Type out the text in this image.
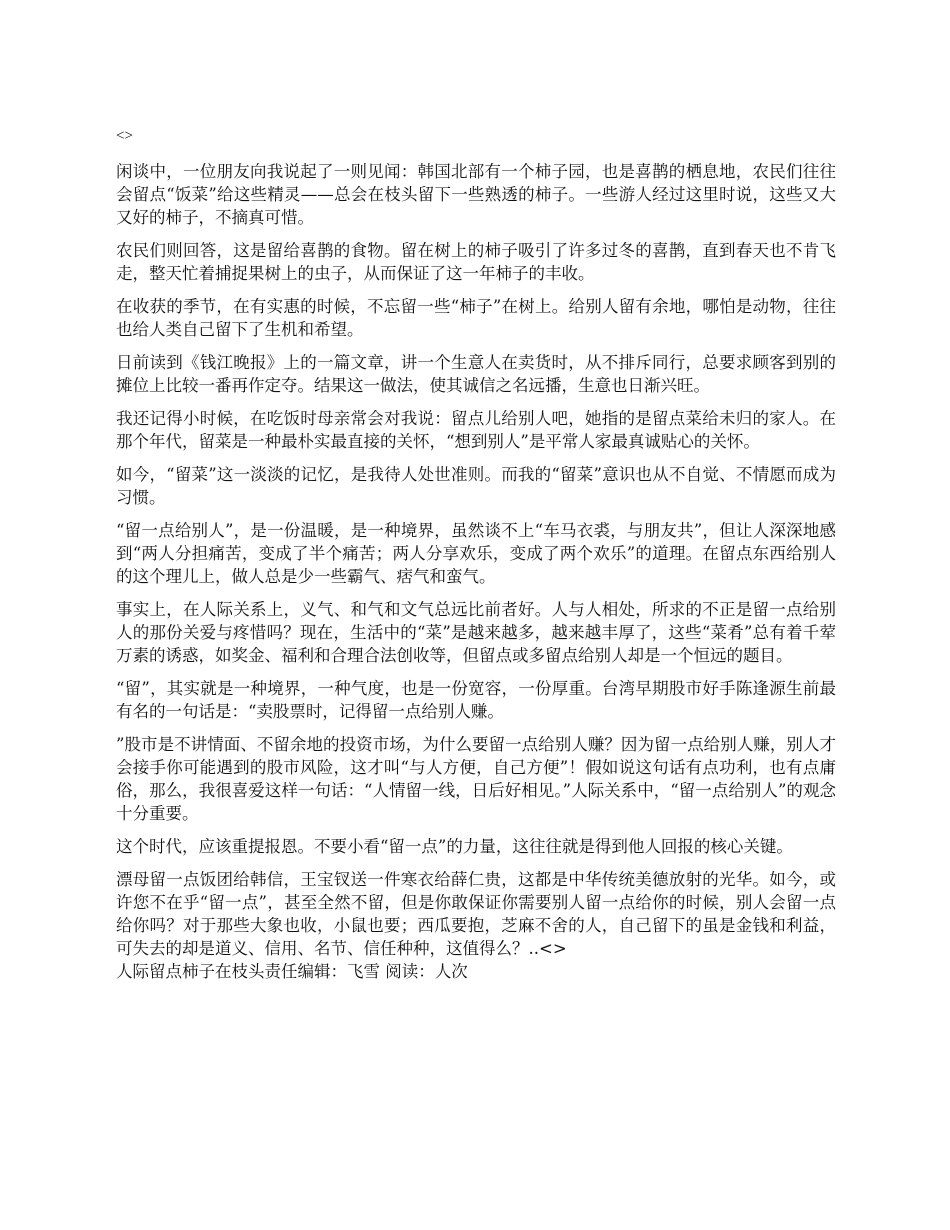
<>

闲谈中，一位朋友向我说起了一则见闻：韩国北部有一个柿子园，也是喜鹊的栖息地，农民们往往会留点“饭菜”给这些精灵——总会在枝头留下一些熟透的柿子。一些游人经过这里时说，这些又大又好的柿子，不摘真可惜。

农民们则回答，这是留给喜鹊的食物。留在树上的柿子吸引了许多过冬的喜鹊，直到春天也不肯飞走，整天忙着捕捉果树上的虫子，从而保证了这一年柿子的丰收。

在收获的季节，在有实惠的时候，不忘留一些“柿子”在树上。给别人留有余地，哪怕是动物，往往也给人类自己留下了生机和希望。

日前读到《钱江晚报》上的一篇文章，讲一个生意人在卖货时，从不排斥同行，总要求顾客到别的摊位上比较一番再作定夺。结果这一做法，使其诚信之名远播，生意也日渐兴旺。

我还记得小时候，在吃饭时母亲常会对我说：留点儿给别人吧，她指的是留点菜给未归的家人。在那个年代，留菜是一种最朴实最直接的关怀，“想到别人”是平常人家最真诚贴心的关怀。

如今，“留菜”这一淡淡的记忆，是我待人处世准则。而我的“留菜”意识也从不自觉、不情愿而成为习惯。

“留一点给别人”，是一份温暖，是一种境界，虽然谈不上“车马衣裘，与朋友共”，但让人深深地感到“两人分担痛苦，变成了半个痛苦；两人分享欢乐，变成了两个欢乐”的道理。在留点东西给别人的这个理儿上，做人总是少一些霸气、痞气和蛮气。

事实上，在人际关系上，义气、和气和文气总远比前者好。人与人相处，所求的不正是留一点给别人的那份关爱与疼惜吗？现在，生活中的“菜”是越来越多，越来越丰厚了，这些“菜肴”总有着千荤万素的诱惑，如奖金、福利和合理合法创收等，但留点或多留点给别人却是一个恒远的题目。

“留”，其实就是一种境界，一种气度，也是一份宽容，一份厚重。台湾早期股市好手陈逢源生前最有名的一句话是：“卖股票时，记得留一点给别人赚。

”股市是不讲情面、不留余地的投资市场，为什么要留一点给别人赚？因为留一点给别人赚，别人才会接手你可能遇到的股市风险，这才叫“与人方便，自己方便”！假如说这句话有点功利，也有点庸俗，那么，我很喜爱这样一句话：“人情留一线，日后好相见。”人际关系中，“留一点给别人”的观念十分重要。

这个时代，应该重提报恩。不要小看“留一点”的力量，这往往就是得到他人回报的核心关键。

漂母留一点饭团给韩信，王宝钗送一件寒衣给薛仁贵，这都是中华传统美德放射的光华。如今，或许您不在乎“留一点”，甚至全然不留，但是你敢保证你需要别人留一点给你的时候，别人会留一点给你吗？对于那些大象也收，小鼠也要；西瓜要抱，芝麻不舍的人，自己留下的虽是金钱和利益，可失去的却是道义、信用、名节、信任种种，这值得么？..<>

人际留点柿子在枝头责任编辑：飞雪 阅读：人次
